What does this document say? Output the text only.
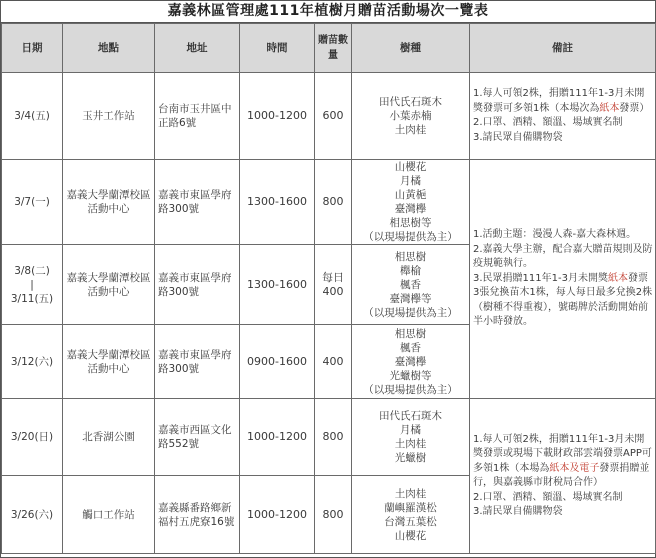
嘉義林區管理處111年植樹月贈苗活動場次一覽表
日期	地點	地址	時間	贈苗數量	樹種	備註

3/4(五)	玉井工作站	台南市玉井區中正路6號	1000-1200	600	田代氏石斑木
小葉赤楠
土肉桂	1.每人可領2株，捐贈111年1-3月未開獎發票可多領1株（本場次為紙本發票）
2.口罩、酒精、額溫、場域實名制
3.請民眾自備購物袋

3/7(一)

嘉義大學蘭潭校區
活動中心
	嘉義市東區學府路300號	1300-1600	800

山櫻花
月橘
山黃梔
臺灣欅
相思樹等
（以現場提供為主）	1.活動主題：漫漫人森-嘉大森林週。
2.嘉義大學主辦，配合嘉大贈苗規則及防疫規範執行。
3.民眾捐贈111年1-3月未開獎紙本發票3張兌換苗木1株，每人每日最多兌換2株（樹種不得重複），號碼牌於活動開始前半小時發放。

3/8(二)
|
3/11(五)	嘉義大學蘭潭校區
活動中心	嘉義市東區學府路300號	1300-1600	每日
400	相思樹
櫸榆
楓香
臺灣欅等
（以現場提供為主）	

3/12(六)	嘉義大學蘭潭校區
活動中心	嘉義市東區學府路300號	0900-1600	400	相思樹
楓香
臺灣欅
光蠟樹等
（以現場提供為主）	

3/20(日)	北香湖公園	嘉義市西區文化路552號	1000-1200	800	田代氏石斑木
月橘
土肉桂
光蠟樹	1.每人可領2株，捐贈111年1-3月未開獎發票或現場下載財政部雲端發票APP可多領1株（本場為紙本及電子發票捐贈並行，與嘉義縣市財稅局合作）
2.口罩、酒精、額溫、場域實名制
3.請民眾自備購物袋

3/26(六)	觸口工作站	嘉義縣番路鄉新福村五虎寮16號	1000-1200	800	土肉桂
蘭嶼羅漢松
台灣五葉松
山櫻花	
